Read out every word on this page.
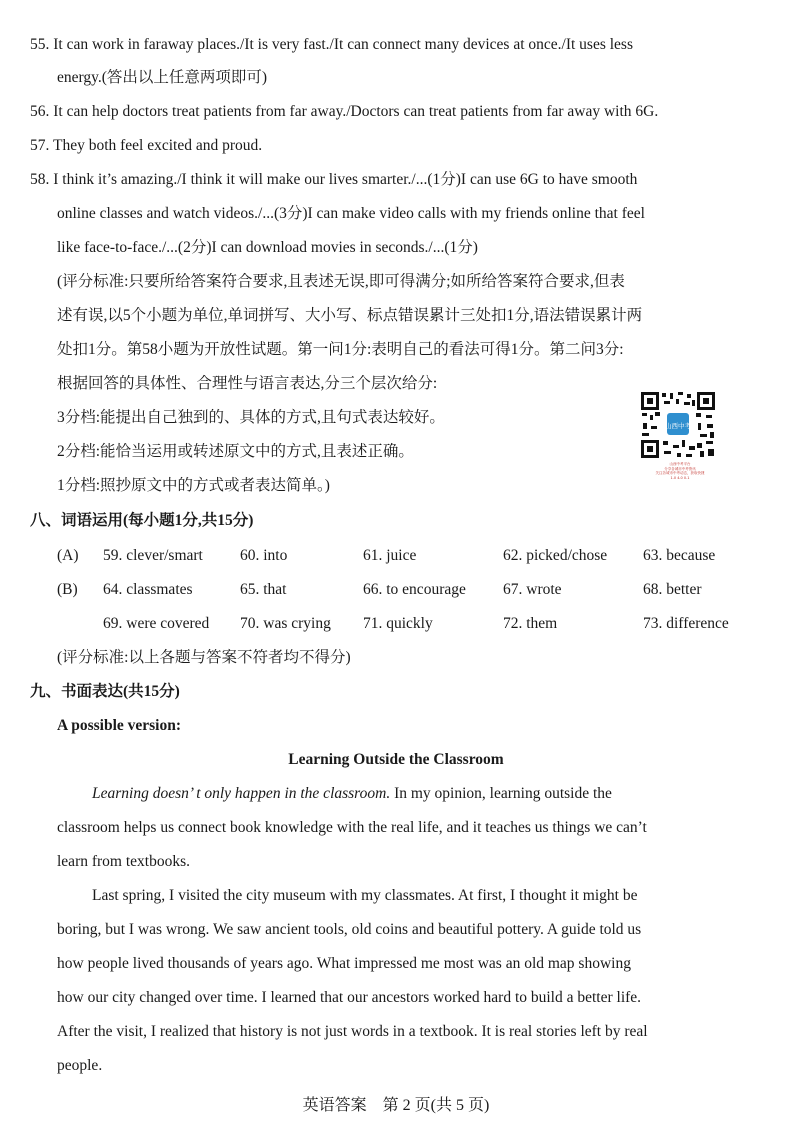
55. It can work in faraway places./It is very fast./It can connect many devices at once./It uses less
energy.(答出以上任意两项即可)
56. It can help doctors treat patients from far away./Doctors can treat patients from far away with 6G.
57. They both feel excited and proud.
58. I think it’s amazing./I think it will make our lives smarter./...(1分)I can use 6G to have smooth
online classes and watch videos./...(3分)I can make video calls with my friends online that feel
like face-to-face./...(2分)I can download movies in seconds./...(1分)
(评分标准:只要所给答案符合要求,且表述无误,即可得满分;如所给答案符合要求,但表
述有误,以5个小题为单位,单词拼写、大小写、标点错误累计三处扣1分,语法错误累计两
处扣1分。第58小题为开放性试题。第一问1分:表明自己的看法可得1分。第二问3分:
根据回答的具体性、合理性与语言表达,分三个层次给分:
3分档:能提出自己独到的、具体的方式,且句式表达较好。
2分档:能恰当运用或转述原文中的方式,且表述正确。
1分档:照抄原文中的方式或者表达简单。)
山西中考
山西中考平台
分享各城市中考资讯
关注各城市中考动态，获取快捷
1.0 4.0 0.1
八、词语运用(每小题1分,共15分)
(A) 59. clever/smart 60. into	61. juice	62. picked/chose 63. because
(B) 64. classmates	65. that	66. to encourage 67. wrote	68. better
69. were covered 70. was crying 71. quickly	72. them	73. difference
(评分标准:以上各题与答案不符者均不得分)
九、书面表达(共15分)
A possible version:
Learning Outside the Classroom
Learning doesn’ t only happen in the classroom. In my opinion, learning outside the
classroom helps us connect book knowledge with the real life, and it teaches us things we can’t
learn from textbooks.
Last spring, I visited the city museum with my classmates. At first, I thought it might be
boring, but I was wrong. We saw ancient tools, old coins and beautiful pottery. A guide told us
how people lived thousands of years ago. What impressed me most was an old map showing
how our city changed over time. I learned that our ancestors worked hard to build a better life.
After the visit, I realized that history is not just words in a textbook. It is real stories left by real
people.
英语答案　第 2 页(共 5 页)
